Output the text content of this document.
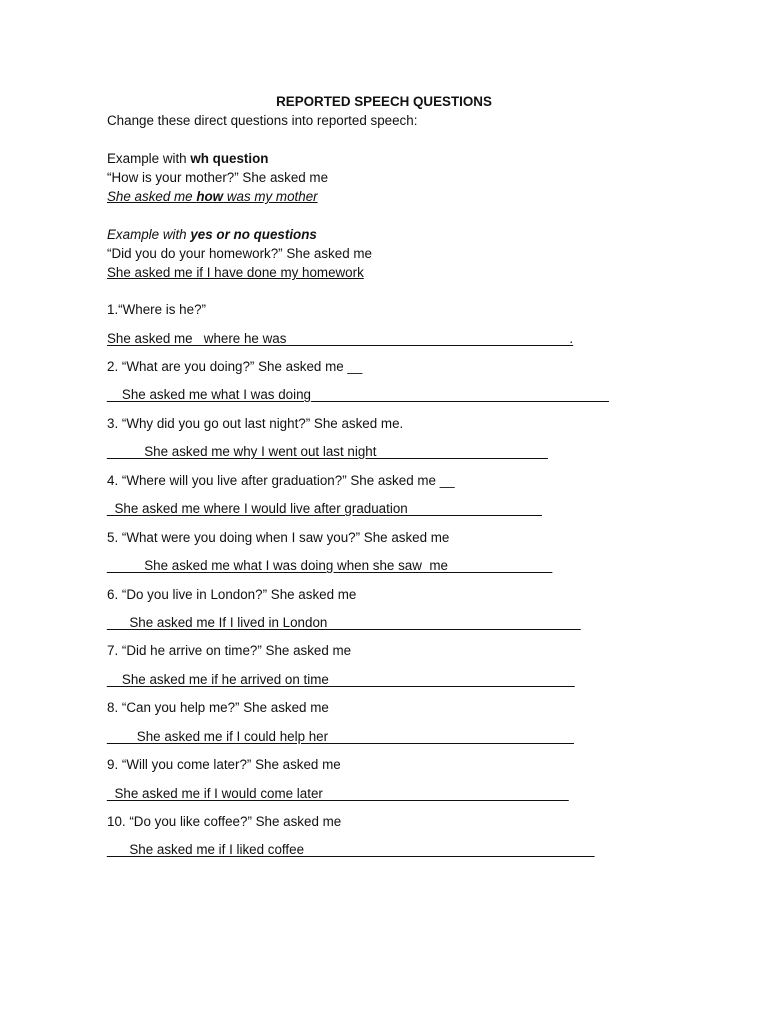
REPORTED SPEECH QUESTIONS
Change these direct questions into reported speech:
Example with wh question
“How is your mother?” She asked me
She asked me how was my mother
Example with yes or no questions
“Did you do your homework?” She asked me
She asked me if I have done my homework
1.“Where is he?”
She asked me _where he was______________________________________.
2. “What are you doing?” She asked me __
__She asked me what I was doing________________________________________
3. “Why did you go out last night?” She asked me.
_____She asked me why I went out last night_______________________
4. “Where will you live after graduation?” She asked me __
_She asked me where I would live after graduation__________________
5. “What were you doing when I saw you?” She asked me
_____She asked me what I was doing when she saw  me______________
6. “Do you live in London?” She asked me
___She asked me If I lived in London__________________________________
7. “Did he arrive on time?” She asked me
__She asked me if he arrived on time_________________________________
8. “Can you help me?” She asked me
____She asked me if I could help her_________________________________
9. “Will you come later?” She asked me
_She asked me if I would come later_________________________________
10. “Do you like coffee?” She asked me
___She asked me if I liked coffee_______________________________________
